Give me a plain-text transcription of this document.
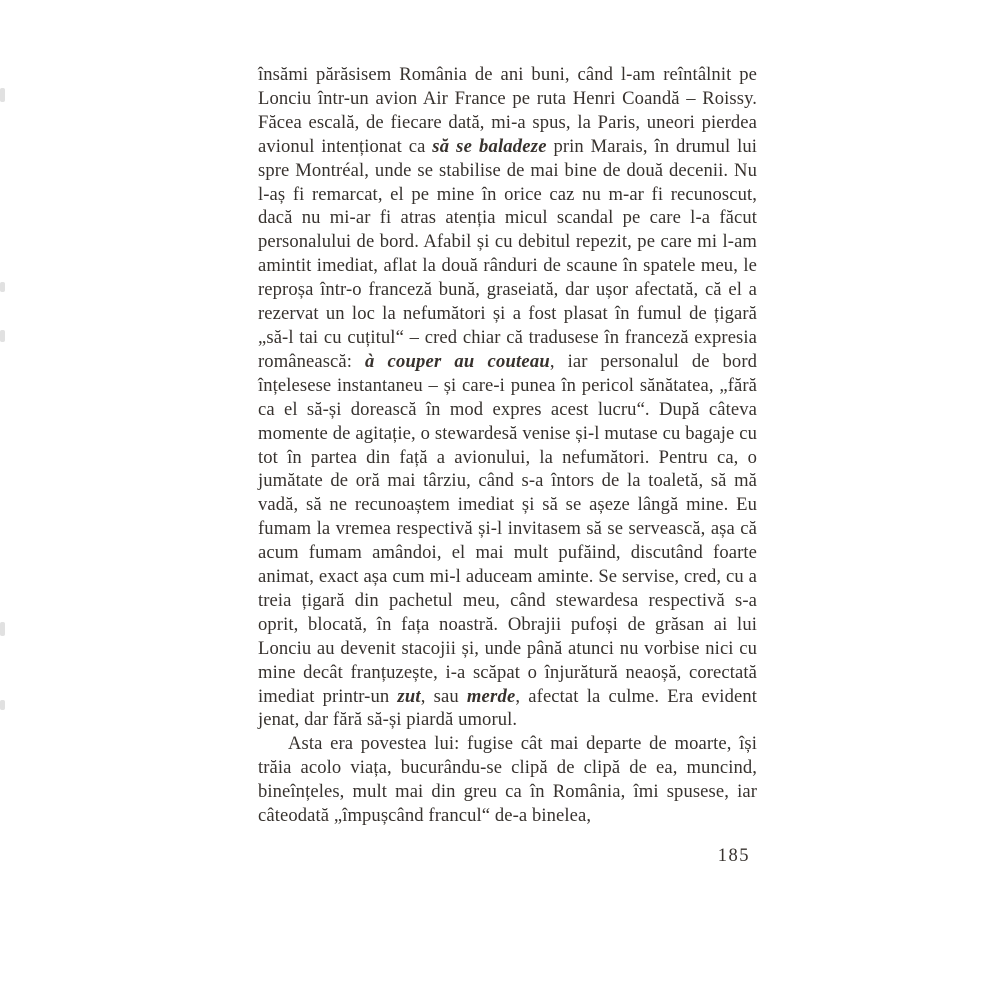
însămi părăsisem România de ani buni, când l-am reîntâlnit pe Lonciu într-un avion Air France pe ruta Henri Coandă – Roissy. Făcea escală, de fiecare dată, mi-a spus, la Paris, uneori pierdea avionul intenționat ca să se baladeze prin Marais, în drumul lui spre Montréal, unde se stabilise de mai bine de două decenii. Nu l-aș fi remarcat, el pe mine în orice caz nu m-ar fi recunoscut, dacă nu mi-ar fi atras atenția micul scandal pe care l-a făcut personalului de bord. Afabil și cu debitul repezit, pe care mi l-am amintit imediat, aflat la două rânduri de scaune în spatele meu, le reproșa într-o franceză bună, graseiată, dar ușor afectată, că el a rezervat un loc la nefumători și a fost plasat în fumul de țigară „să-l tai cu cuțitul“ – cred chiar că tradusese în franceză expresia românească: à couper au couteau, iar personalul de bord înțelesese instantaneu – și care-i punea în pericol sănătatea, „fără ca el să-și dorească în mod expres acest lucru“. După câteva momente de agitație, o stewardesă venise și-l mutase cu bagaje cu tot în partea din față a avionului, la nefumători. Pentru ca, o jumătate de oră mai târziu, când s-a întors de la toaletă, să mă vadă, să ne recunoaștem imediat și să se așeze lângă mine. Eu fumam la vremea respectivă și-l invitasem să se servească, așa că acum fumam amândoi, el mai mult pufăind, discutând foarte animat, exact așa cum mi-l aduceam aminte. Se servise, cred, cu a treia țigară din pachetul meu, când stewardesa respectivă s-a oprit, blocată, în fața noastră. Obrajii pufoși de grăsan ai lui Lonciu au devenit stacojii și, unde până atunci nu vorbise nici cu mine decât franțuzește, i-a scăpat o înjurătură neaoșă, corectată imediat printr-un zut, sau merde, afectat la culme. Era evident jenat, dar fără să-și piardă umorul.

Asta era povestea lui: fugise cât mai departe de moarte, își trăia acolo viața, bucurându-se clipă de clipă de ea, muncind, bineînțeles, mult mai din greu ca în România, îmi spusese, iar câteodată „împușcând francul“ de-a binelea,

185
